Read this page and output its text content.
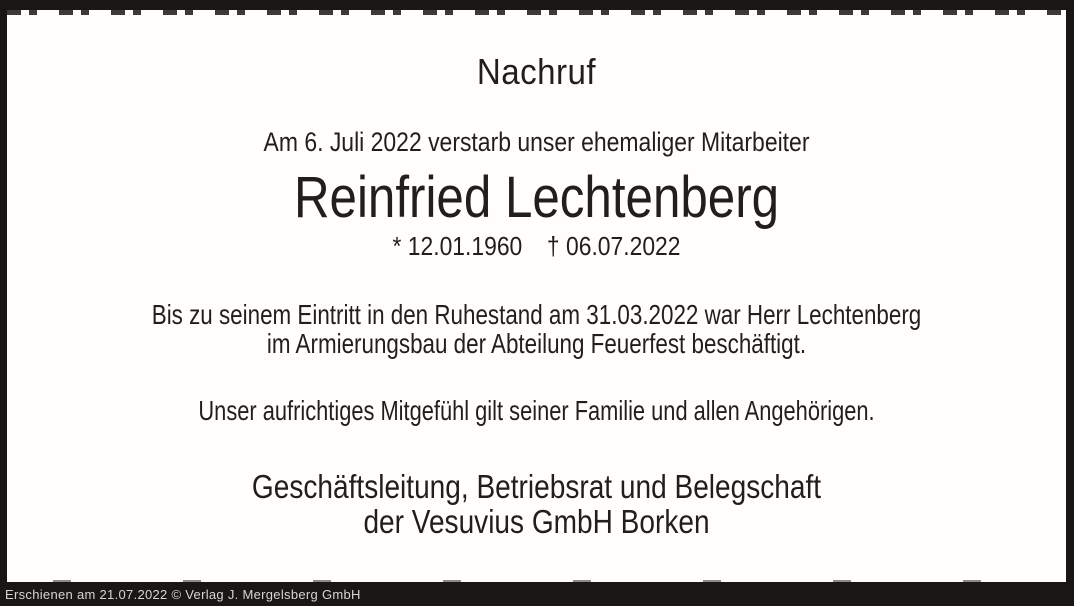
Nachruf
Am 6. Juli 2022 verstarb unser ehemaliger Mitarbeiter
Reinfried Lechtenberg
* 12.01.1960 † 06.07.2022
Bis zu seinem Eintritt in den Ruhestand am 31.03.2022 war Herr Lechtenberg
im Armierungsbau der Abteilung Feuerfest beschäftigt.
Unser aufrichtiges Mitgefühl gilt seiner Familie und allen Angehörigen.
Geschäftsleitung, Betriebsrat und Belegschaft
der Vesuvius GmbH Borken
Erschienen am 21.07.2022 © Verlag J. Mergelsberg GmbH
